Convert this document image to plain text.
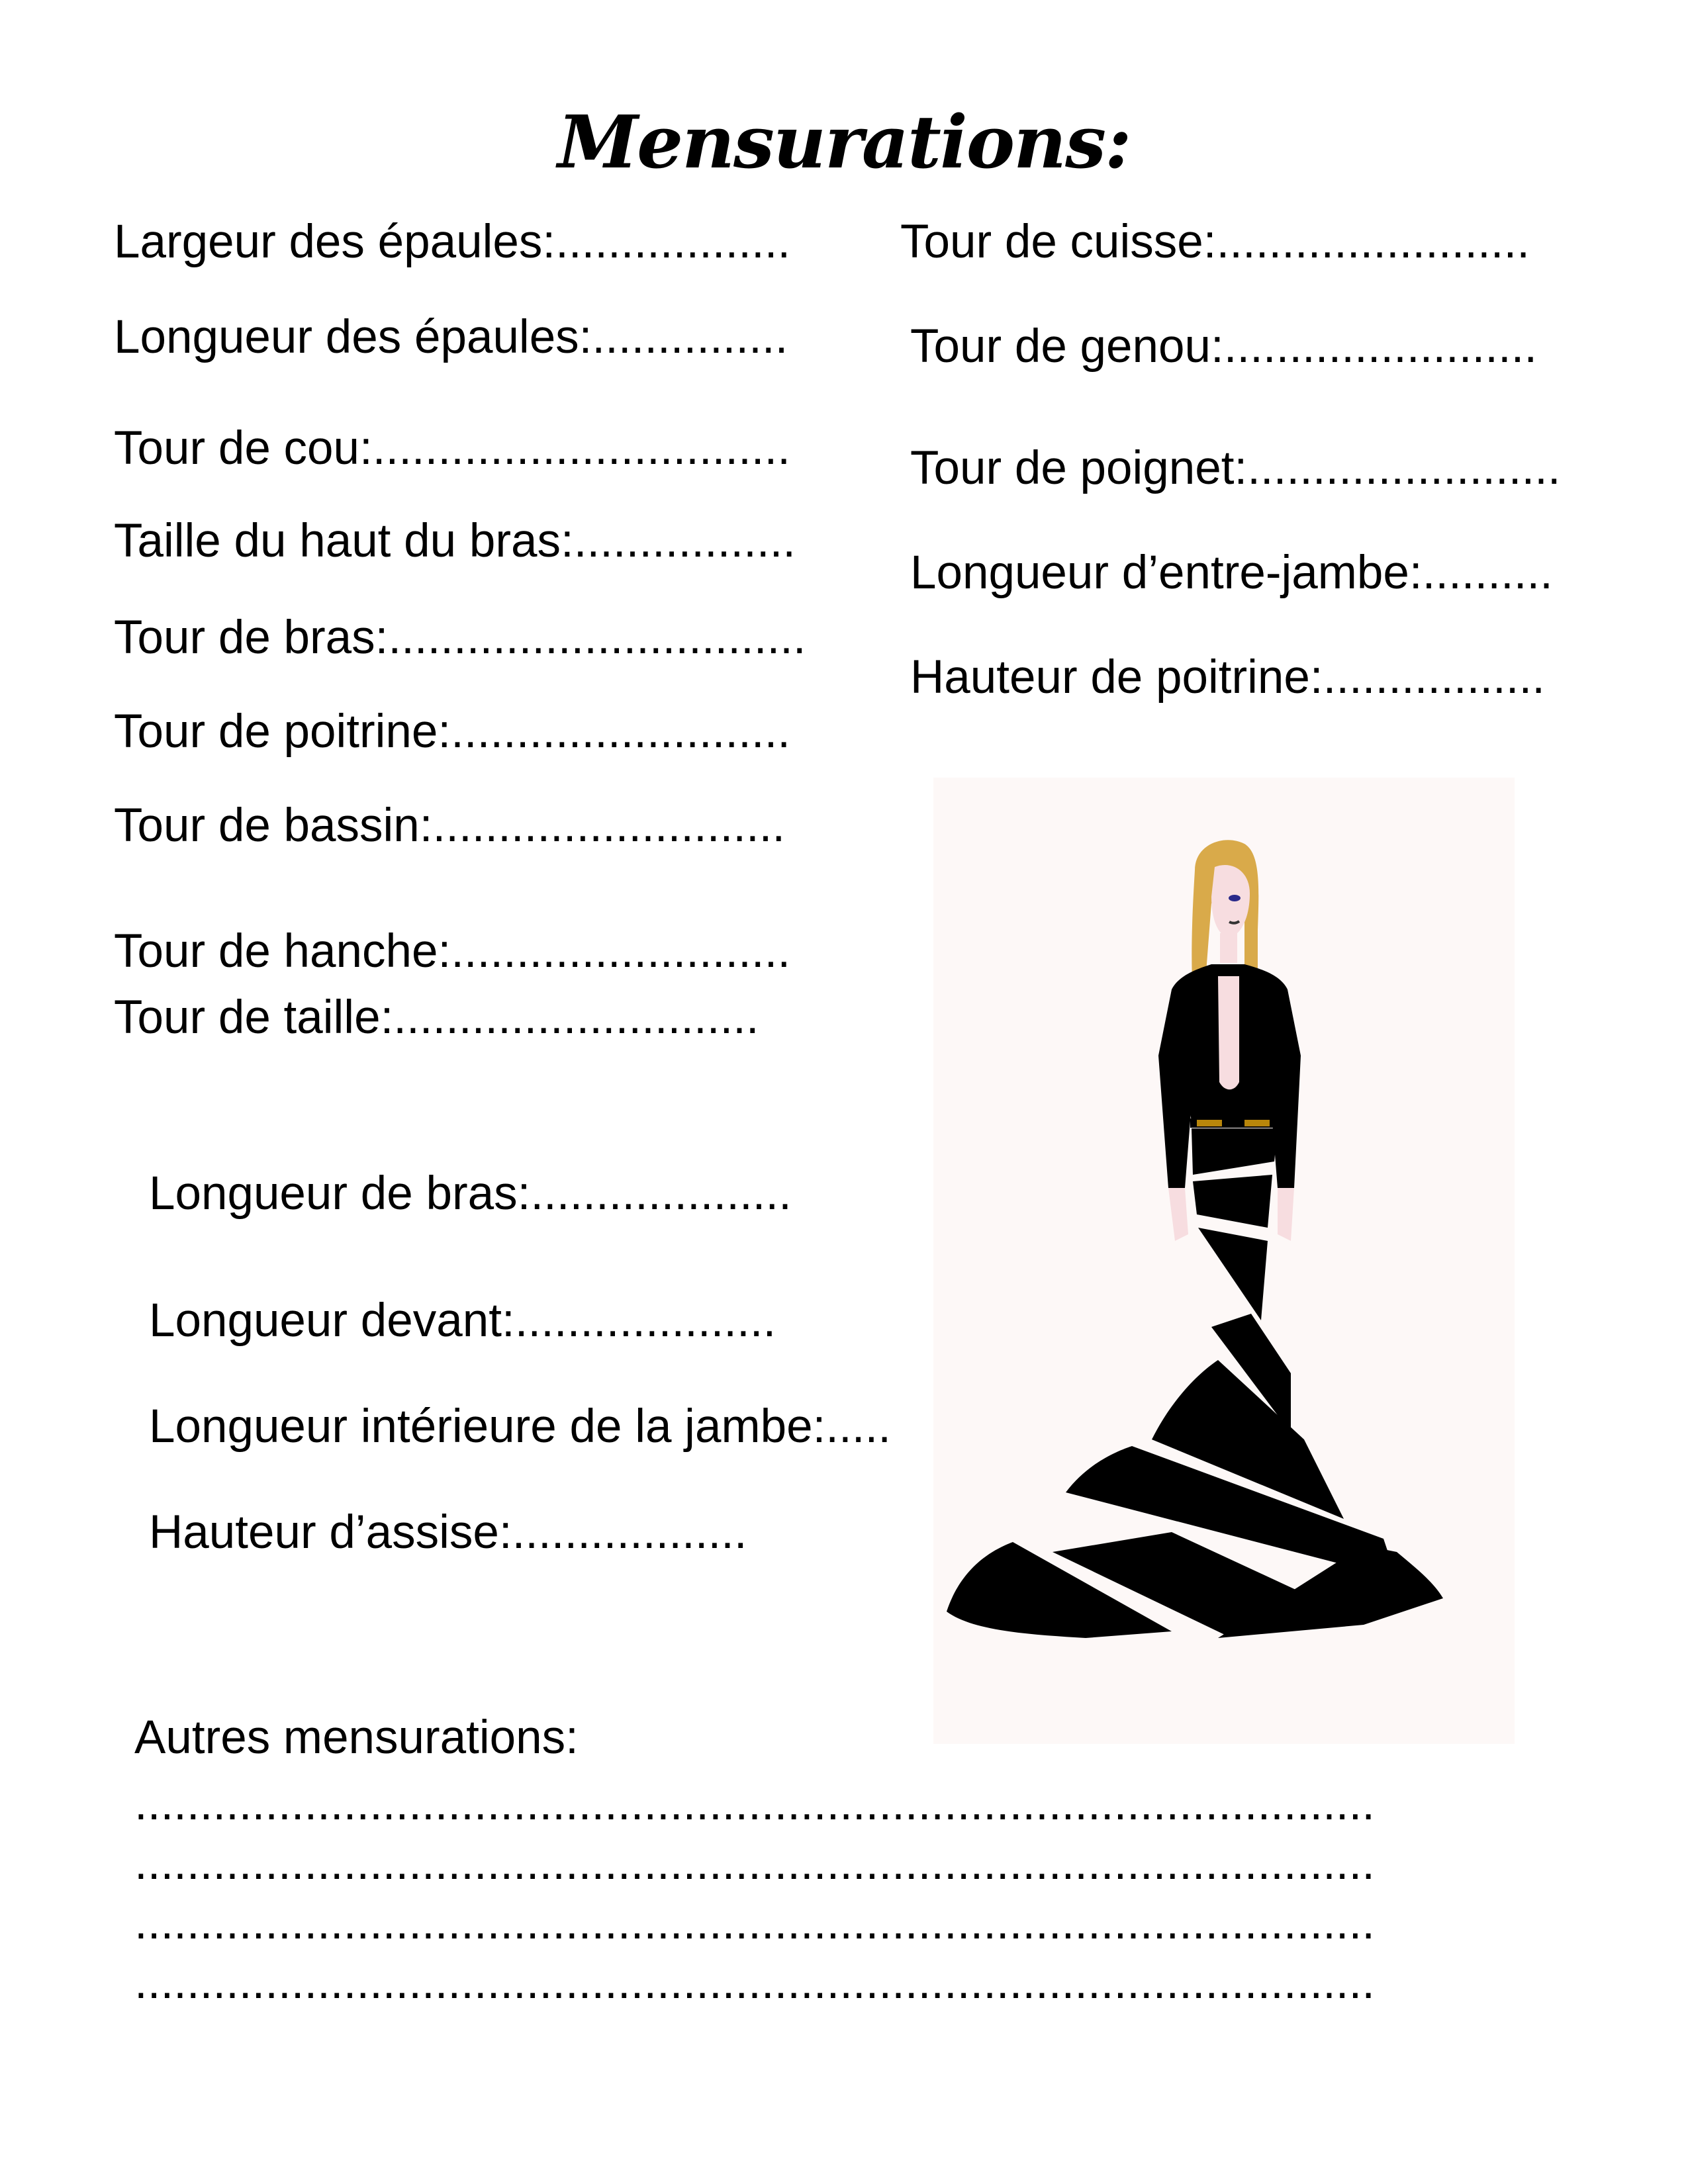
Mensurations:
Largeur des épaules:..................
Longueur des épaules:...............
Tour de cou:................................
Taille du haut du bras:.................
Tour de bras:................................
Tour de poitrine:..........................
Tour de bassin:...........................
Tour de hanche:..........................
Tour de taille:............................
Tour de cuisse:........................
Tour de genou:........................
Tour de poignet:........................
Longueur d’entre-jambe:..........
Hauteur de poitrine:.................
Longueur de bras:....................
Longueur devant:....................
Longueur intérieure de la jambe:.....
Hauteur d’assise:..................
Autres mensurations:
...............................................................................................
...............................................................................................
...............................................................................................
...............................................................................................
